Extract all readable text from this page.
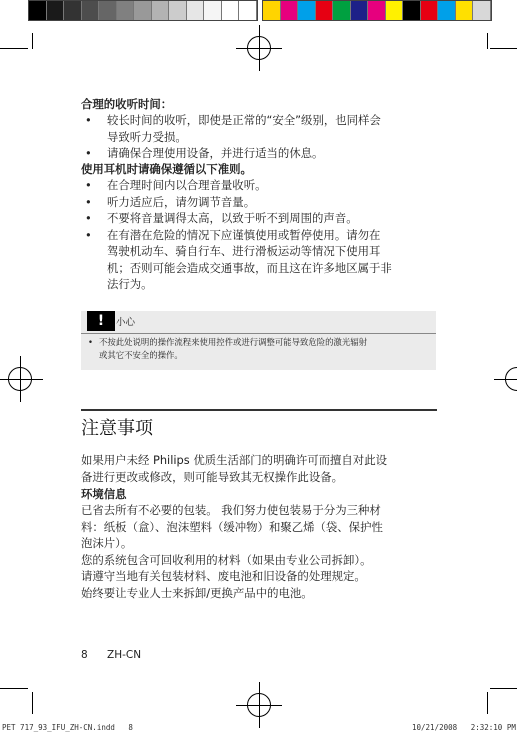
合理的收听时间：
• 较长时间的收听，即使是正常的“安全”级别，也同样会
导致听力受损。
• 请确保合理使用设备，并进行适当的休息。
使用耳机时请确保遵循以下准则。
• 在合理时间内以合理音量收听。
• 听力适应后，请勿调节音量。
• 不要将音量调得太高，以致于听不到周围的声音。
• 在有潜在危险的情况下应谨慎使用或暂停使用。请勿在
驾驶机动车、骑自行车、进行滑板运动等情况下使用耳
机；否则可能会造成交通事故，而且这在许多地区属于非
法行为。
!	小心
• 不按此处说明的操作流程来使用控件或进行调整可能导致危险的激光辐射
或其它不安全的操作。
注意事项
如果用户未经 Philips 优质生活部门的明确许可而擅自对此设
备进行更改或修改，则可能导致其无权操作此设备。
环境信息
已省去所有不必要的包装。 我们努力使包装易于分为三种材
料：纸板（盒）、泡沫塑料（缓冲物）和聚乙烯（袋、保护性
泡沫片）。
您的系统包含可回收利用的材料（如果由专业公司拆卸）。
请遵守当地有关包装材料、废电池和旧设备的处理规定。
始终要让专业人士来拆卸/更换产品中的电池。
8 ZH-CN
PET 717_93_IFU_ZH-CN.indd   8	10/21/2008   2:32:10 PM
